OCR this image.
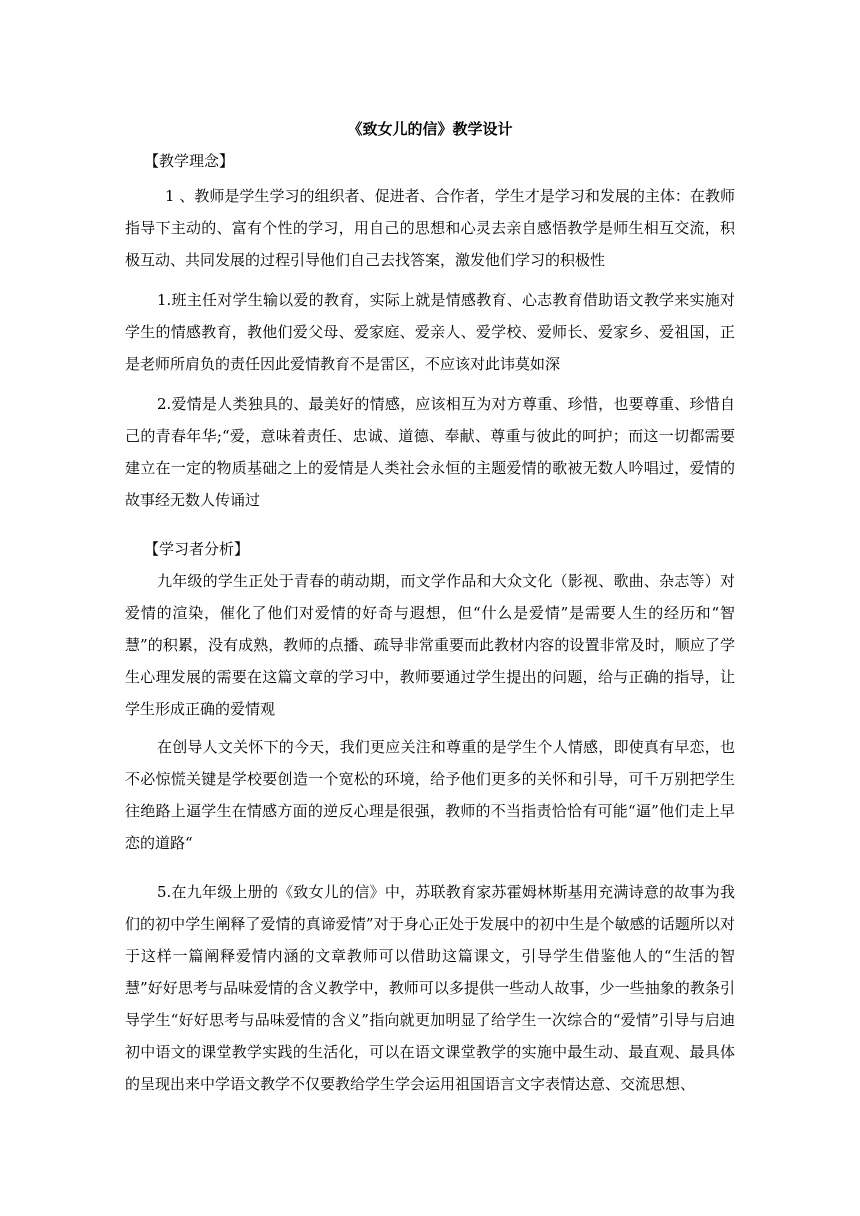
《致女儿的信》教学设计

【教学理念】

1 、教师是学生学习的组织者、促进者、合作者，学生才是学习和发展的主体：在教师指导下主动的、富有个性的学习，用自己的思想和心灵去亲自感悟教学是师生相互交流，积极互动、共同发展的过程引导他们自己去找答案，激发他们学习的积极性

1.班主任对学生输以爱的教育，实际上就是情感教育、心志教育借助语文教学来实施对学生的情感教育，教他们爱父母、爱家庭、爱亲人、爱学校、爱师长、爱家乡、爱祖国，正是老师所肩负的责任因此爱情教育不是雷区，不应该对此讳莫如深

2.爱情是人类独具的、最美好的情感，应该相互为对方尊重、珍惜，也要尊重、珍惜自己的青春年华;“爱，意味着责任、忠诚、道德、奉献、尊重与彼此的呵护；而这一切都需要建立在一定的物质基础之上的爱情是人类社会永恒的主题爱情的歌被无数人吟唱过，爱情的故事经无数人传诵过

【学习者分析】

九年级的学生正处于青春的萌动期，而文学作品和大众文化（影视、歌曲、杂志等）对爱情的渲染，催化了他们对爱情的好奇与遐想，但“什么是爱情”是需要人生的经历和“智慧”的积累，没有成熟，教师的点播、疏导非常重要而此教材内容的设置非常及时，顺应了学生心理发展的需要在这篇文章的学习中，教师要通过学生提出的问题，给与正确的指导，让学生形成正确的爱情观

在创导人文关怀下的今天，我们更应关注和尊重的是学生个人情感，即使真有早恋，也不必惊慌关键是学校要创造一个宽松的环境，给予他们更多的关怀和引导，可千万别把学生往绝路上逼学生在情感方面的逆反心理是很强，教师的不当指责恰恰有可能“逼”他们走上早恋的道路“

5.在九年级上册的《致女儿的信》中，苏联教育家苏霍姆林斯基用充满诗意的故事为我们的初中学生阐释了爱情的真谛爱情”对于身心正处于发展中的初中生是个敏感的话题所以对于这样一篇阐释爱情内涵的文章教师可以借助这篇课文，引导学生借鉴他人的“生活的智慧”好好思考与品味爱情的含义教学中，教师可以多提供一些动人故事，少一些抽象的教条引导学生“好好思考与品味爱情的含义”指向就更加明显了给学生一次综合的“爱情”引导与启迪初中语文的课堂教学实践的生活化，可以在语文课堂教学的实施中最生动、最直观、最具体的呈现出来中学语文教学不仅要教给学生学会运用祖国语言文字表情达意、交流思想、
